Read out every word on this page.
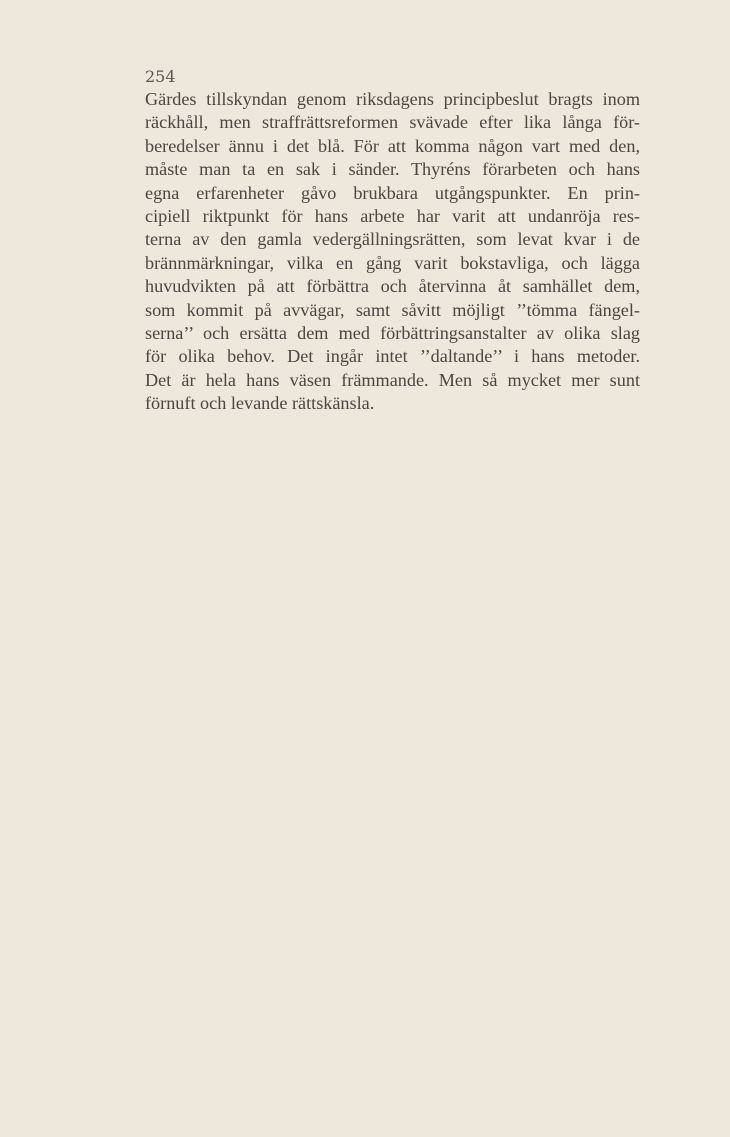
254
Gärdes tillskyndan genom riksdagens principbeslut bragts inom
räckhåll, men straffrättsreformen svävade efter lika långa för-
beredelser ännu i det blå. För att komma någon vart med den,
måste man ta en sak i sänder. Thyréns förarbeten och hans
egna erfarenheter gåvo brukbara utgångspunkter. En prin-
cipiell riktpunkt för hans arbete har varit att undanröja res-
terna av den gamla vedergällningsrätten, som levat kvar i de
brännmärkningar, vilka en gång varit bokstavliga, och lägga
huvudvikten på att förbättra och återvinna åt samhället dem,
som kommit på avvägar, samt såvitt möjligt ’’tömma fängel-
serna’’ och ersätta dem med förbättringsanstalter av olika slag
för olika behov. Det ingår intet ’’daltande’’ i hans metoder.
Det är hela hans väsen främmande. Men så mycket mer sunt
förnuft och levande rättskänsla.
